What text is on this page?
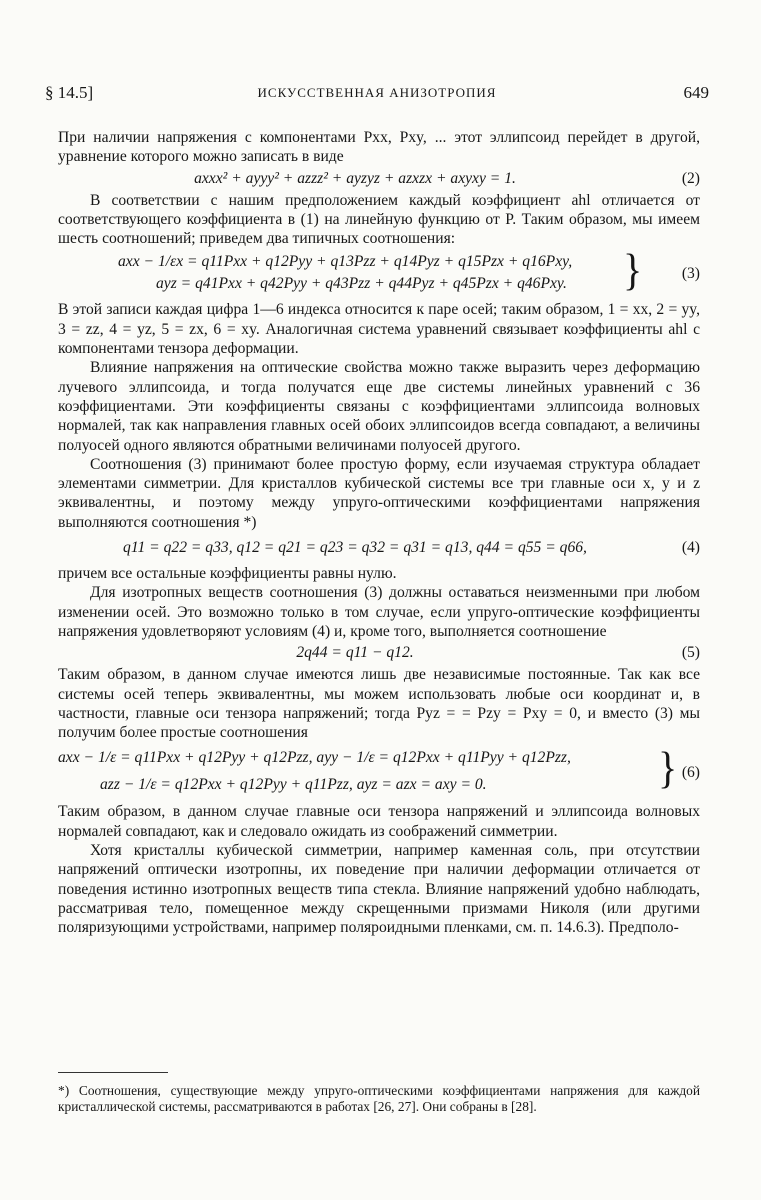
§ 14.5]	ИСКУССТВЕННАЯ АНИЗОТРОПИЯ	649

При наличии напряжения с компонентами Pxx, Pxy, ... этот эллипсоид перейдет в другой, уравнение которого можно записать в виде

axxx² + ayyy² + azzz² + ayzyz + azxzx + axyxy = 1.	(2)

В соответствии с нашим предположением каждый коэффициент ahl отличается от соответствующего коэффициента в (1) на линейную функцию от P. Таким образом, мы имеем шесть соотношений; приведем два типичных соотношения:

axx − 1/εx = q11Pxx + q12Pyy + q13Pzz + q14Pyz + q15Pzx + q16Pxy,
ayz = q41Pxx + q42Pyy + q43Pzz + q44Pyz + q45Pzx + q46Pxy. }	(3)

В этой записи каждая цифра 1—6 индекса относится к паре осей; таким образом, 1 = xx, 2 = yy, 3 = zz, 4 = yz, 5 = zx, 6 = xy. Аналогичная система уравнений связывает коэффициенты ahl с компонентами тензора деформации.

Влияние напряжения на оптические свойства можно также выразить через деформацию лучевого эллипсоида, и тогда получатся еще две системы линейных уравнений с 36 коэффициентами. Эти коэффициенты связаны с коэффициентами эллипсоида волновых нормалей, так как направления главных осей обоих эллипсоидов всегда совпадают, а величины полуосей одного являются обратными величинами полуосей другого.

Соотношения (3) принимают более простую форму, если изучаемая структура обладает элементами симметрии. Для кристаллов кубической системы все три главные оси x, y и z эквивалентны, и поэтому между упруго-оптическими коэффициентами напряжения выполняются соотношения *)

q11 = q22 = q33, q12 = q21 = q23 = q32 = q31 = q13, q44 = q55 = q66,	(4)

причем все остальные коэффициенты равны нулю.

Для изотропных веществ соотношения (3) должны оставаться неизменными при любом изменении осей. Это возможно только в том случае, если упруго-оптические коэффициенты напряжения удовлетворяют условиям (4) и, кроме того, выполняется соотношение

2q44 = q11 − q12.	(5)

Таким образом, в данном случае имеются лишь две независимые постоянные. Так как все системы осей теперь эквивалентны, мы можем использовать любые оси координат и, в частности, главные оси тензора напряжений; тогда Pyz = = Pzy = Pxy = 0, и вместо (3) мы получим более простые соотношения

axx − 1/ε = q11Pxx + q12Pyy + q12Pzz, ayy − 1/ε = q12Pxx + q11Pyy + q12Pzz,
azz − 1/ε = q12Pxx + q12Pyy + q11Pzz, ayz = azx = axy = 0.	} (6)

Таким образом, в данном случае главные оси тензора напряжений и эллипсоида волновых нормалей совпадают, как и следовало ожидать из соображений симметрии.

Хотя кристаллы кубической симметрии, например каменная соль, при отсутствии напряжений оптически изотропны, их поведение при наличии деформации отличается от поведения истинно изотропных веществ типа стекла. Влияние напряжений удобно наблюдать, рассматривая тело, помещенное между скрещенными призмами Николя (или другими поляризующими устройствами, например поляроидными пленками, см. п. 14.6.3). Предполо-

*) Соотношения, существующие между упруго-оптическими коэффициентами напряжения для каждой кристаллической системы, рассматриваются в работах [26, 27]. Они собраны в [28].
